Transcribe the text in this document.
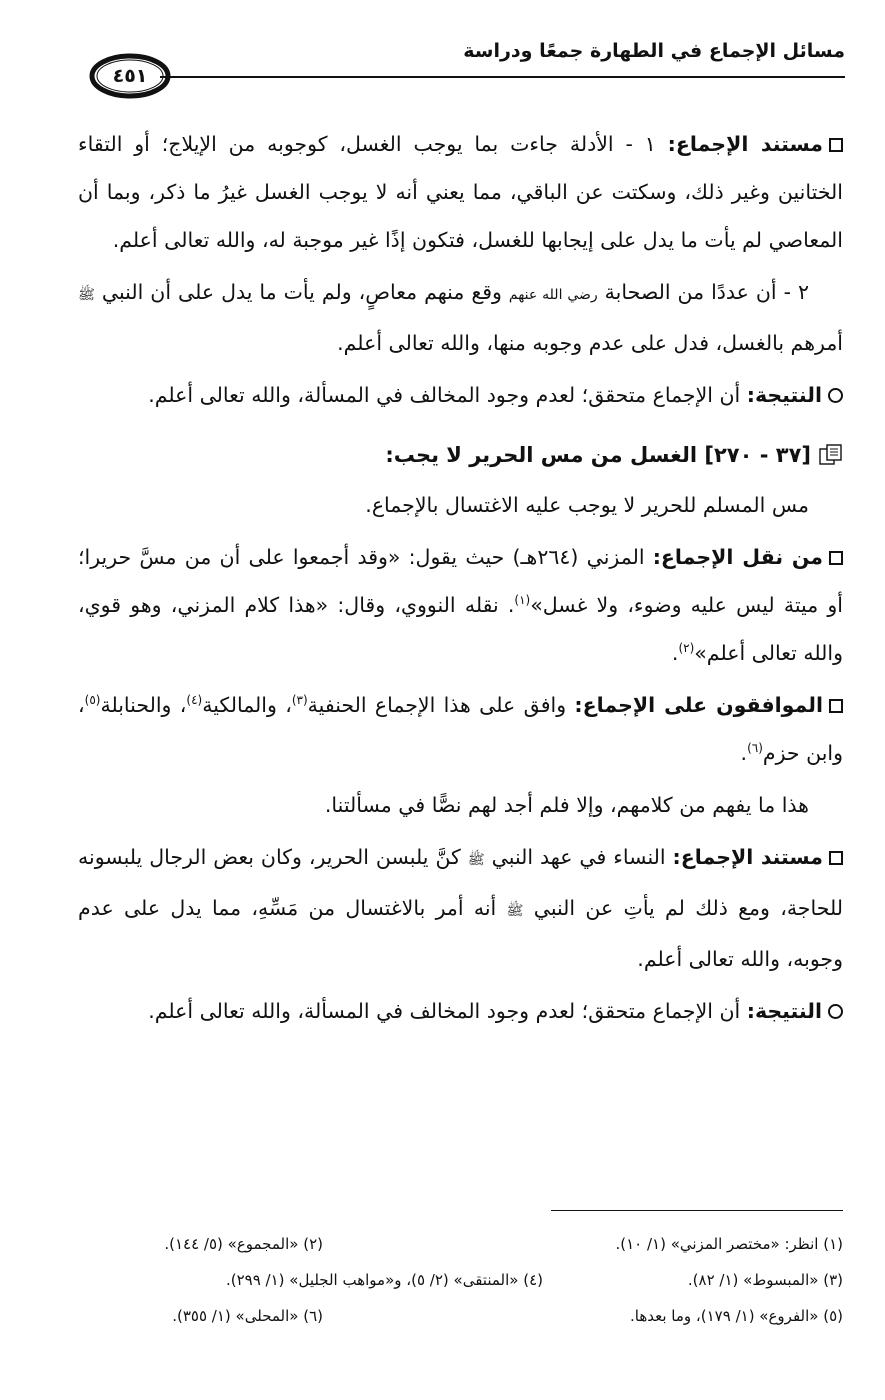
مسائل الإجماع في الطهارة جمعًا ودراسة
٤٥١

مستند الإجماع: ١ - الأدلة جاءت بما يوجب الغسل، كوجوبه من الإيلاج؛ أو التقاء الختانين وغير ذلك، وسكتت عن الباقي، مما يعني أنه لا يوجب الغسل غيرُ ما ذكر، وبما أن المعاصي لم يأت ما يدل على إيجابها للغسل، فتكون إذًا غير موجبة له، والله تعالى أعلم.

٢ - أن عددًا من الصحابة رضي الله عنهم وقع منهم معاصٍ، ولم يأت ما يدل على أن النبي ﷺ أمرهم بالغسل، فدل على عدم وجوبه منها، والله تعالى أعلم.

النتيجة: أن الإجماع متحقق؛ لعدم وجود المخالف في المسألة، والله تعالى أعلم.

[٣٧ - ٢٧٠] الغسل من مس الحرير لا يجب:

مس المسلم للحرير لا يوجب عليه الاغتسال بالإجماع.

من نقل الإجماع: المزني (٢٦٤هـ) حيث يقول: «وقد أجمعوا على أن من مسَّ حريرا؛ أو ميتة ليس عليه وضوء، ولا غسل»$^{(١)}$. نقله النووي، وقال: «هذا كلام المزني، وهو قوي، والله تعالى أعلم»$^{(٢)}$.

الموافقون على الإجماع: وافق على هذا الإجماع الحنفية$^{(٣)}$، والمالكية$^{(٤)}$، والحنابلة$^{(٥)}$، وابن حزم$^{(٦)}$.

هذا ما يفهم من كلامهم، وإلا فلم أجد لهم نصًّا في مسألتنا.

مستند الإجماع: النساء في عهد النبي ﷺ كنَّ يلبسن الحرير، وكان بعض الرجال يلبسونه للحاجة، ومع ذلك لم يأتِ عن النبي ﷺ أنه أمر بالاغتسال من مَسِّهِ، مما يدل على عدم وجوبه، والله تعالى أعلم.

النتيجة: أن الإجماع متحقق؛ لعدم وجود المخالف في المسألة، والله تعالى أعلم.

(١) انظر: «مختصر المزني» (١/ ١٠).
(٢) «المجموع» (٥/ ١٤٤).
(٣) «المبسوط» (١/ ٨٢).
(٤) «المنتقى» (٢/ ٥)، و«مواهب الجليل» (١/ ٢٩٩).
(٥) «الفروع» (١/ ١٧٩)، وما بعدها.
(٦) «المحلى» (١/ ٣٥٥).
